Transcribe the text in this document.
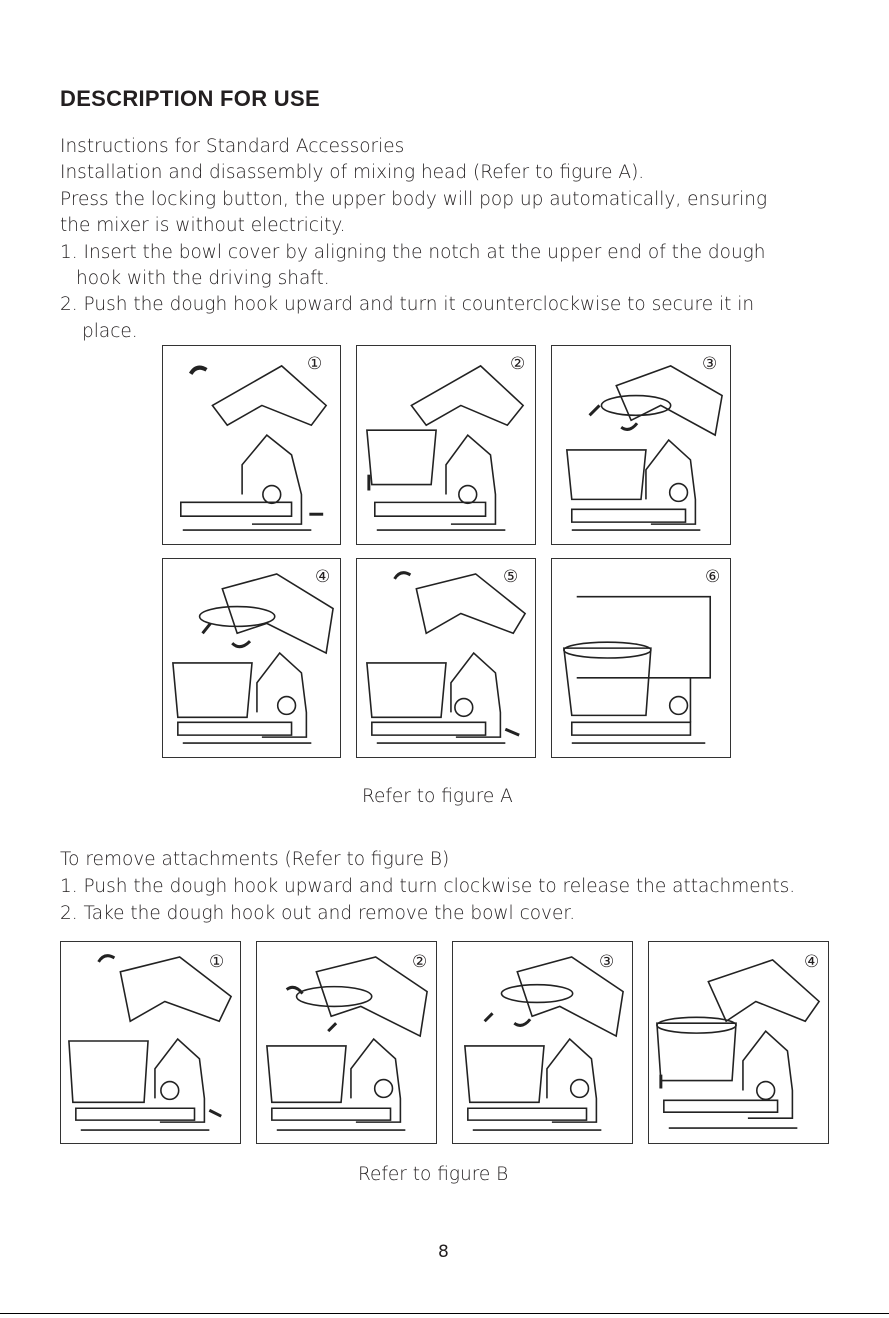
DESCRIPTION FOR USE
Instructions for Standard Accessories
Installation and disassembly of mixing head (Refer to figure A).
Press the locking button, the upper body will pop up automatically, ensuring
the mixer is without electricity.
1. Insert the bowl cover by aligning the notch at the upper end of the dough
hook with the driving shaft.
2. Push the dough hook upward and turn it counterclockwise to secure it in
place.
①	②	③
④	⑤	⑥
Refer to figure A
To remove attachments (Refer to figure B)
1. Push the dough hook upward and turn clockwise to release the attachments.
2. Take the dough hook out and remove the bowl cover.
①	②	③	④
Refer to figure B
8
